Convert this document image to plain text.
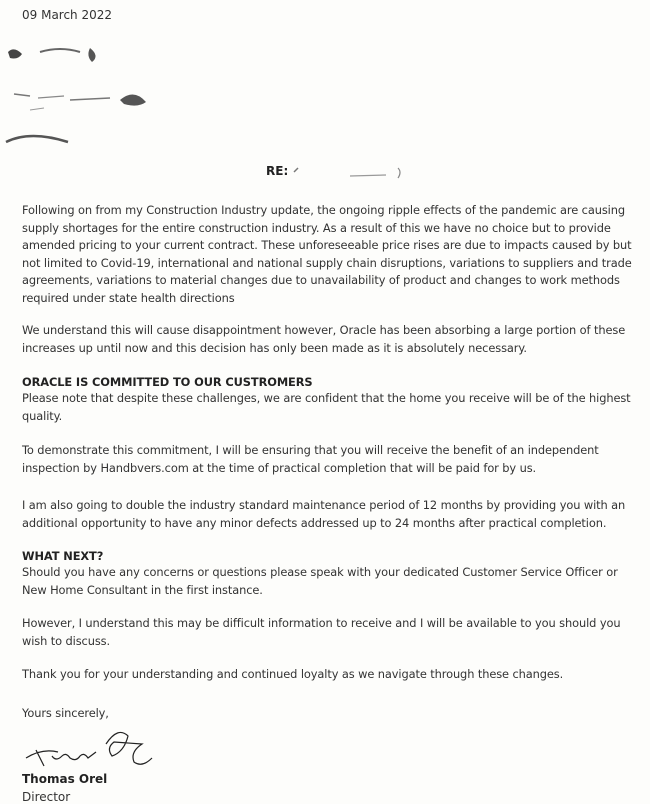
09 March 2022
RE:
Following on from my Construction Industry update, the ongoing ripple effects of the pandemic are causing supply shortages for the entire construction industry. As a result of this we have no choice but to provide amended pricing to your current contract. These unforeseeable price rises are due to impacts caused by but not limited to Covid-19, international and national supply chain disruptions, variations to suppliers and trade agreements, variations to material changes due to unavailability of product and changes to work methods required under state health directions
We understand this will cause disappointment however, Oracle has been absorbing a large portion of these increases up until now and this decision has only been made as it is absolutely necessary.
ORACLE IS COMMITTED TO OUR CUSTROMERS
Please note that despite these challenges, we are confident that the home you receive will be of the highest quality.
To demonstrate this commitment, I will be ensuring that you will receive the benefit of an independent inspection by Handbvers.com at the time of practical completion that will be paid for by us.
I am also going to double the industry standard maintenance period of 12 months by providing you with an additional opportunity to have any minor defects addressed up to 24 months after practical completion.
WHAT NEXT?
Should you have any concerns or questions please speak with your dedicated Customer Service Officer or New Home Consultant in the first instance.
However, I understand this may be difficult information to receive and I will be available to you should you wish to discuss.
Thank you for your understanding and continued loyalty as we navigate through these changes.
Yours sincerely,
Thomas Orel
Director
